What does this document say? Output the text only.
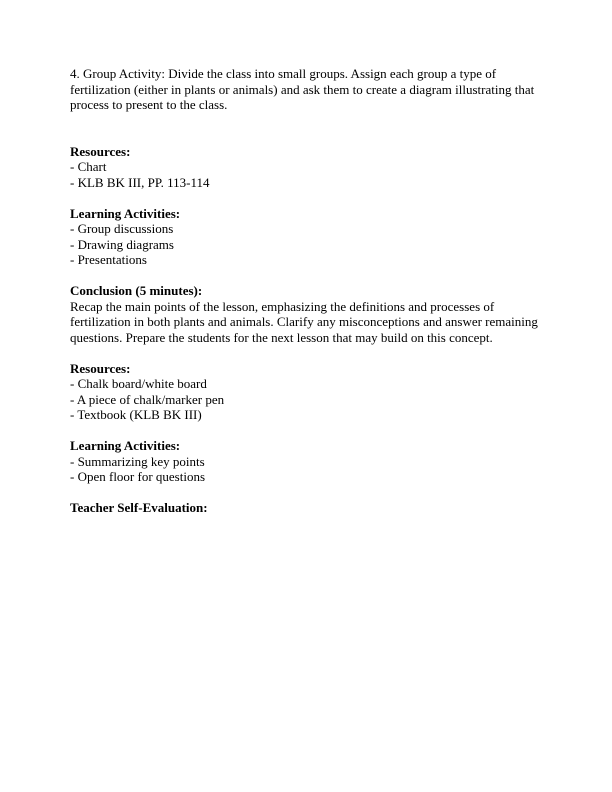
4. Group Activity: Divide the class into small groups. Assign each group a type of fertilization (either in plants or animals) and ask them to create a diagram illustrating that process to present to the class.

Resources:
- Chart
- KLB BK III, PP. 113-114
Learning Activities:
- Group discussions
- Drawing diagrams
- Presentations
Conclusion (5 minutes):
Recap the main points of the lesson, emphasizing the definitions and processes of fertilization in both plants and animals. Clarify any misconceptions and answer remaining questions. Prepare the students for the next lesson that may build on this concept.
Resources:
- Chalk board/white board
- A piece of chalk/marker pen
- Textbook (KLB BK III)
Learning Activities:
- Summarizing key points
- Open floor for questions
Teacher Self-Evaluation:
